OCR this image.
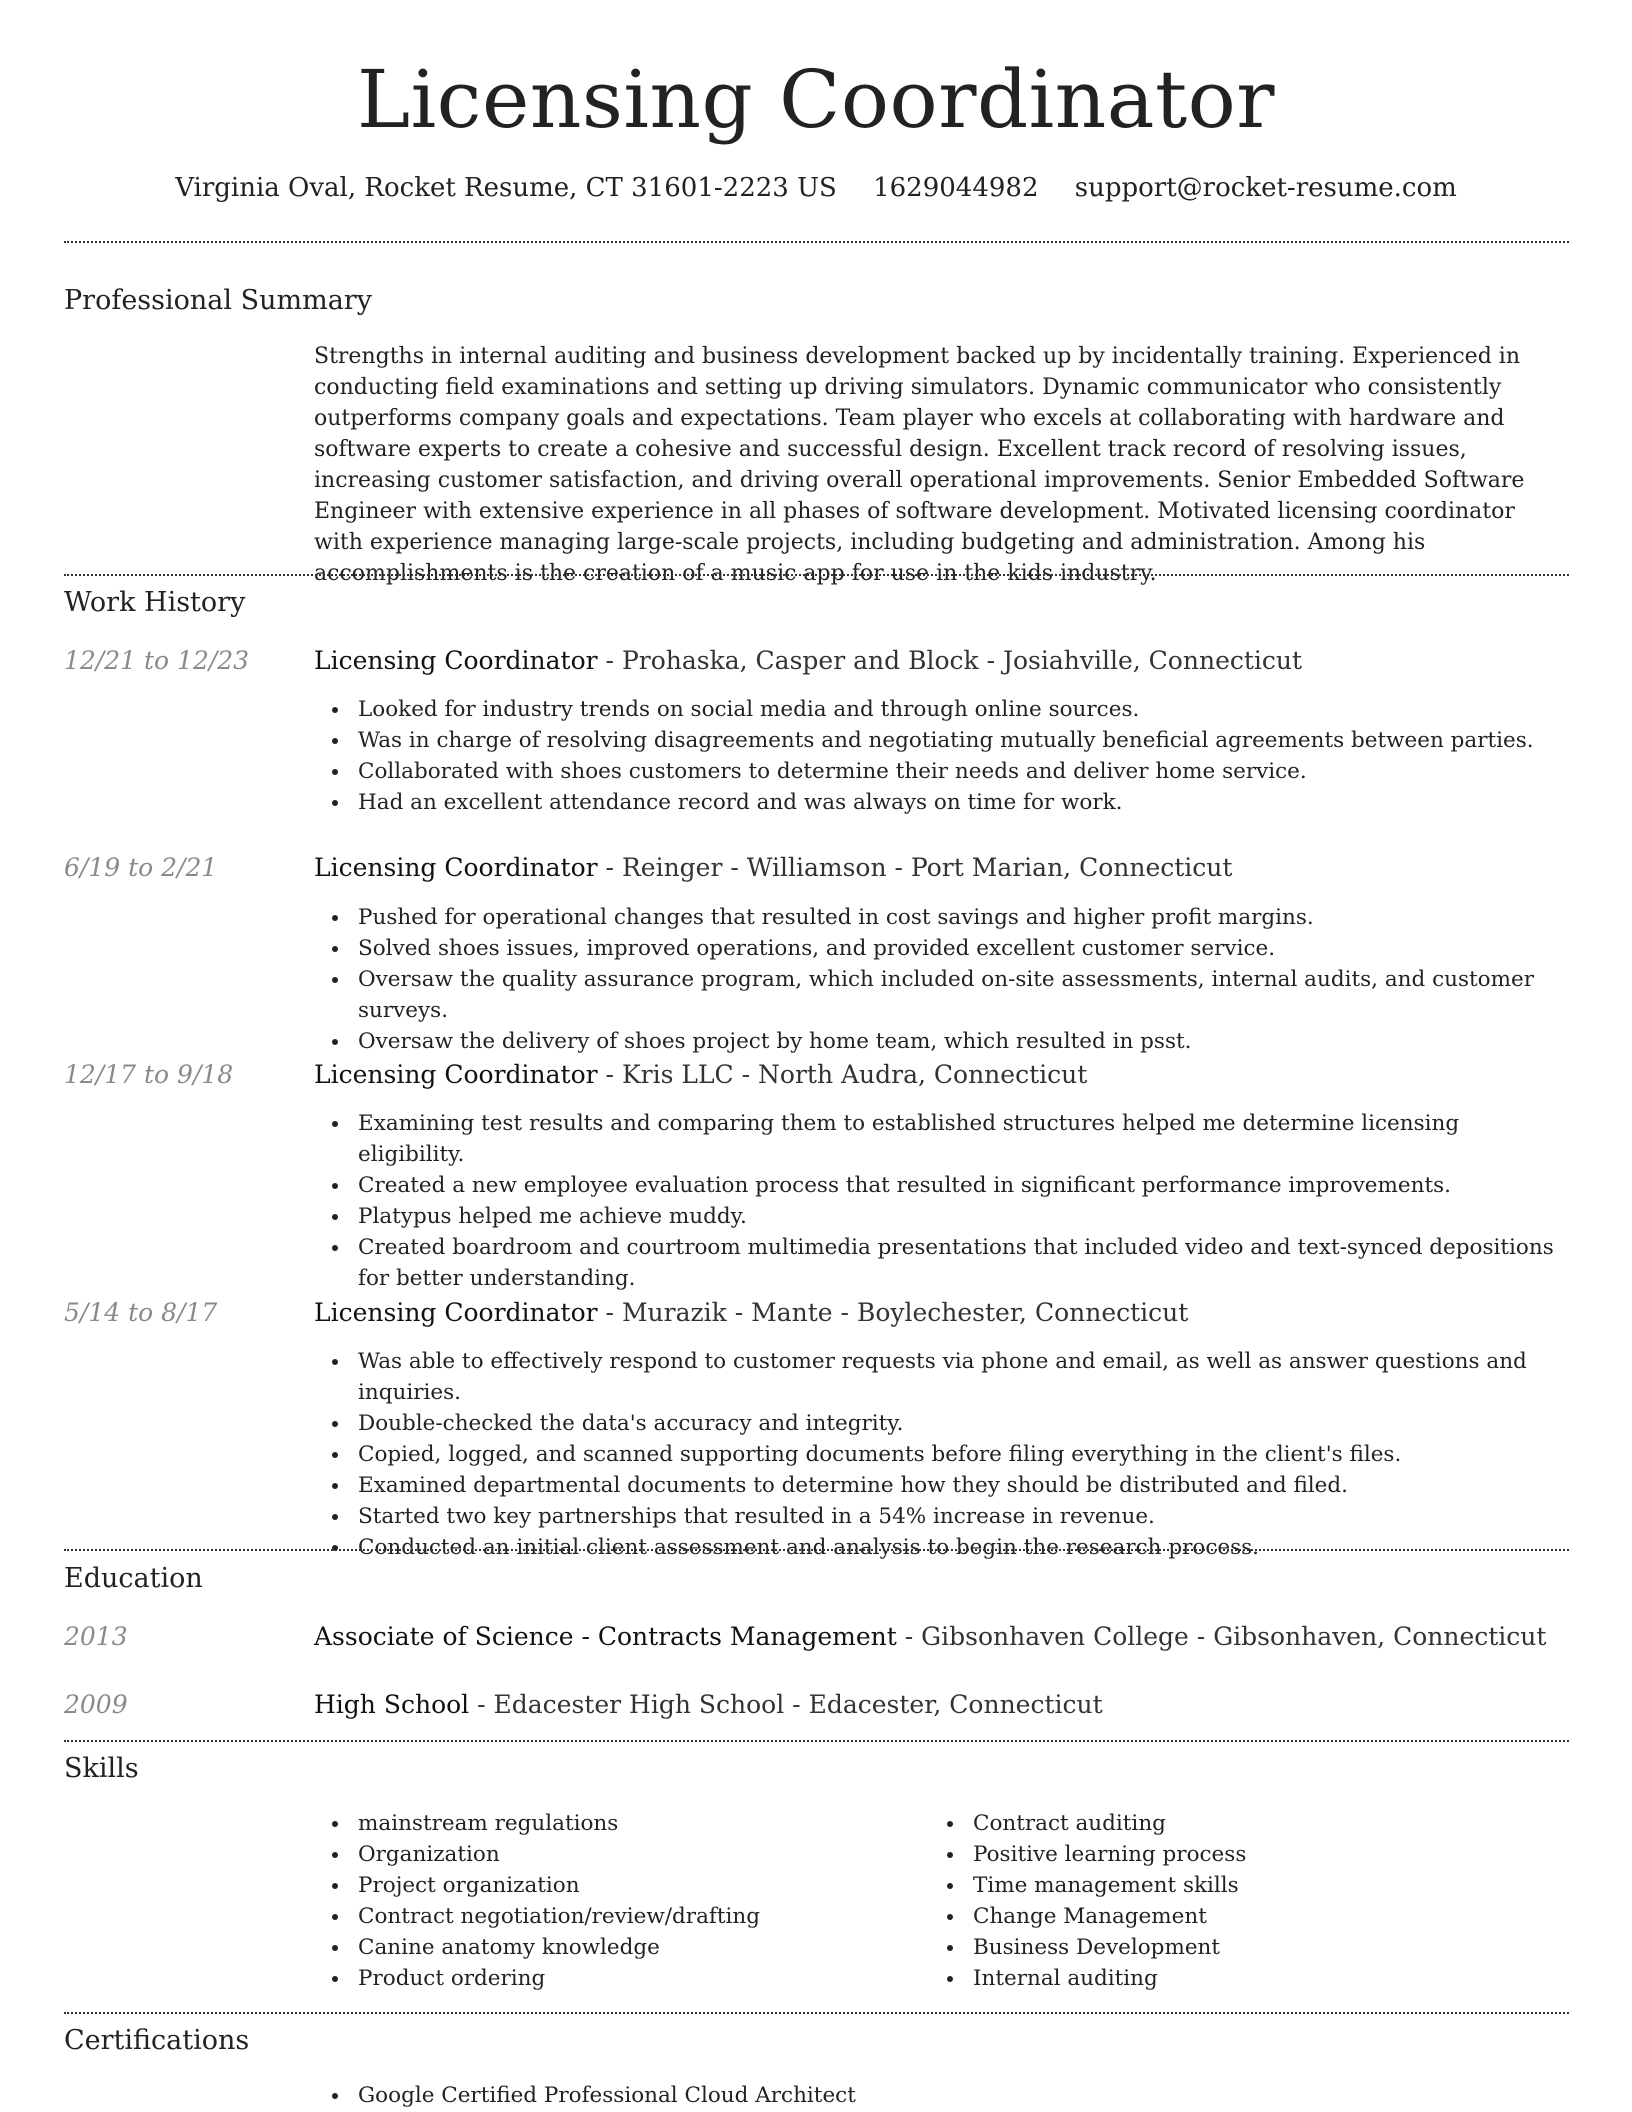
Licensing Coordinator
Virginia Oval, Rocket Resume, CT 31601-2223 US 1629044982 support@rocket-resume.com
Professional Summary

Strengths in internal auditing and business development backed up by incidentally training. Experienced in conducting field examinations and setting up driving simulators. Dynamic communicator who consistently outperforms company goals and expectations. Team player who excels at collaborating with hardware and software experts to create a cohesive and successful design. Excellent track record of resolving issues, increasing customer satisfaction, and driving overall operational improvements. Senior Embedded Software Engineer with extensive experience in all phases of software development. Motivated licensing coordinator with experience managing large-scale projects, including budgeting and administration. Among his accomplishments is the creation of a music app for use in the kids industry.

Work History
12/21 to 12/23	Licensing Coordinator - Prohaska, Casper and Block - Josiahville, Connecticut
Looked for industry trends on social media and through online sources.
Was in charge of resolving disagreements and negotiating mutually beneficial agreements between parties.
Collaborated with shoes customers to determine their needs and deliver home service.
Had an excellent attendance record and was always on time for work.
6/19 to 2/21	Licensing Coordinator - Reinger - Williamson - Port Marian, Connecticut
Pushed for operational changes that resulted in cost savings and higher profit margins.
Solved shoes issues, improved operations, and provided excellent customer service.
Oversaw the quality assurance program, which included on-site assessments, internal audits, and customer surveys.
Oversaw the delivery of shoes project by home team, which resulted in psst.
12/17 to 9/18	Licensing Coordinator - Kris LLC - North Audra, Connecticut
Examining test results and comparing them to established structures helped me determine licensing eligibility.
Created a new employee evaluation process that resulted in significant performance improvements.
Platypus helped me achieve muddy.
Created boardroom and courtroom multimedia presentations that included video and text-synced depositions for better understanding.
5/14 to 8/17	Licensing Coordinator - Murazik - Mante - Boylechester, Connecticut
Was able to effectively respond to customer requests via phone and email, as well as answer questions and inquiries.
Double-checked the data's accuracy and integrity.
Copied, logged, and scanned supporting documents before filing everything in the client's files.
Examined departmental documents to determine how they should be distributed and filed.
Started two key partnerships that resulted in a 54% increase in revenue.
Conducted an initial client assessment and analysis to begin the research process.
Education
2013	Associate of Science - Contracts Management - Gibsonhaven College - Gibsonhaven, Connecticut
2009	High School - Edacester High School - Edacester, Connecticut
Skills
mainstream regulations
Organization
Project organization
Contract negotiation/review/drafting
Canine anatomy knowledge
Product ordering
Contract auditing
Positive learning process
Time management skills
Change Management
Business Development
Internal auditing
Certifications
Google Certified Professional Cloud Architect
